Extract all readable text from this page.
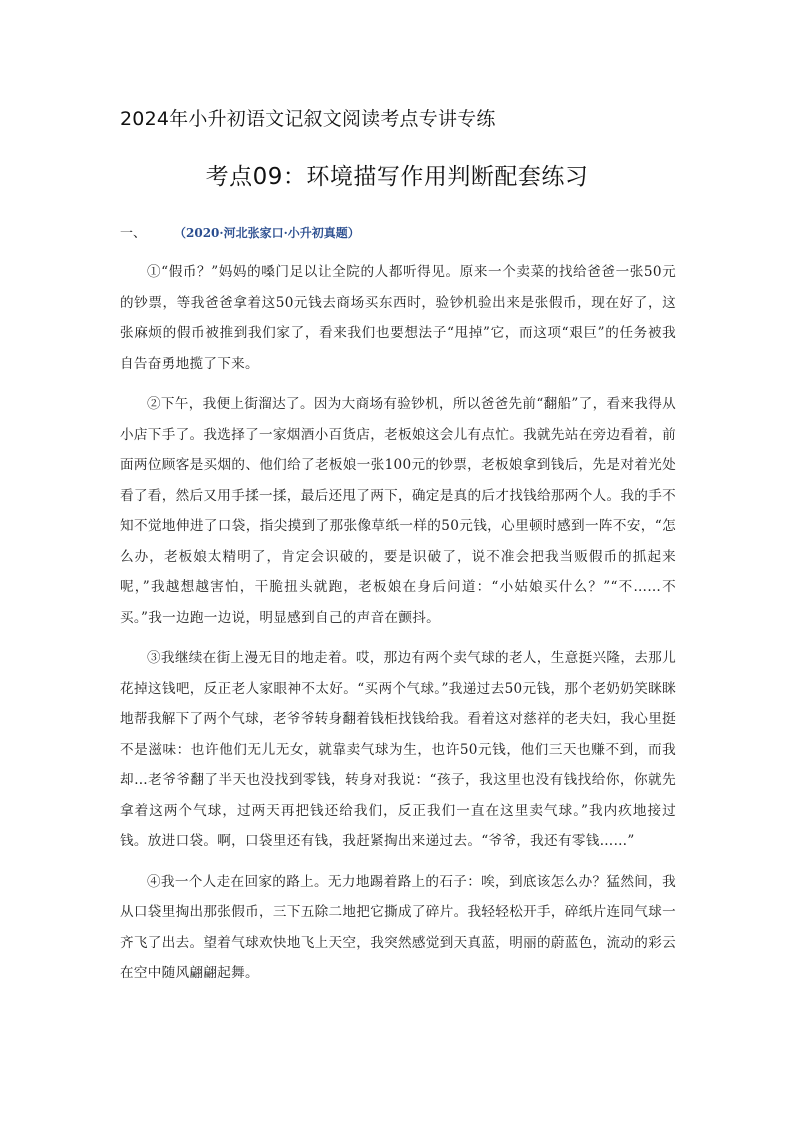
2024年小升初语文记叙文阅读考点专讲专练
考点09：环境描写作用判断配套练习
一、 （2020·河北张家口·小升初真题）

①“假币？”妈妈的嗓门足以让全院的人都听得见。原来一个卖菜的找给爸爸一张50元的钞票，等我爸爸拿着这50元钱去商场买东西时，验钞机验出来是张假币，现在好了，这张麻烦的假币被推到我们家了，看来我们也要想法子“甩掉”它，而这项“艰巨”的任务被我自告奋勇地揽了下来。

②下午，我便上街溜达了。因为大商场有验钞机，所以爸爸先前“翻船”了，看来我得从小店下手了。我选择了一家烟酒小百货店，老板娘这会儿有点忙。我就先站在旁边看着，前面两位顾客是买烟的、他们给了老板娘一张100元的钞票，老板娘拿到钱后，先是对着光处看了看，然后又用手揉一揉，最后还甩了两下，确定是真的后才找钱给那两个人。我的手不知不觉地伸进了口袋，指尖摸到了那张像草纸一样的50元钱，心里顿时感到一阵不安，“怎么办，老板娘太精明了，肯定会识破的，要是识破了，说不准会把我当贩假币的抓起来呢，”我越想越害怕，干脆扭头就跑，老板娘在身后问道：“小姑娘买什么？”“不……不买。”我一边跑一边说，明显感到自己的声音在颤抖。

③我继续在街上漫无目的地走着。哎，那边有两个卖气球的老人，生意挺兴隆，去那儿花掉这钱吧，反正老人家眼神不太好。“买两个气球。”我递过去50元钱，那个老奶奶笑眯眯地帮我解下了两个气球，老爷爷转身翻着钱柜找钱给我。看着这对慈祥的老夫妇，我心里挺不是滋味：也许他们无儿无女，就靠卖气球为生，也许50元钱，他们三天也赚不到，而我却…老爷爷翻了半天也没找到零钱，转身对我说：“孩子，我这里也没有钱找给你，你就先拿着这两个气球，过两天再把钱还给我们，反正我们一直在这里卖气球。”我内疚地接过钱。放进口袋。啊，口袋里还有钱，我赶紧掏出来递过去。“爷爷，我还有零钱……”

④我一个人走在回家的路上。无力地踢着路上的石子：唉，到底该怎么办？猛然间，我从口袋里掏出那张假币，三下五除二地把它撕成了碎片。我轻轻松开手，碎纸片连同气球一齐飞了出去。望着气球欢快地飞上天空，我突然感觉到天真蓝，明丽的蔚蓝色，流动的彩云在空中随风翩翩起舞。
